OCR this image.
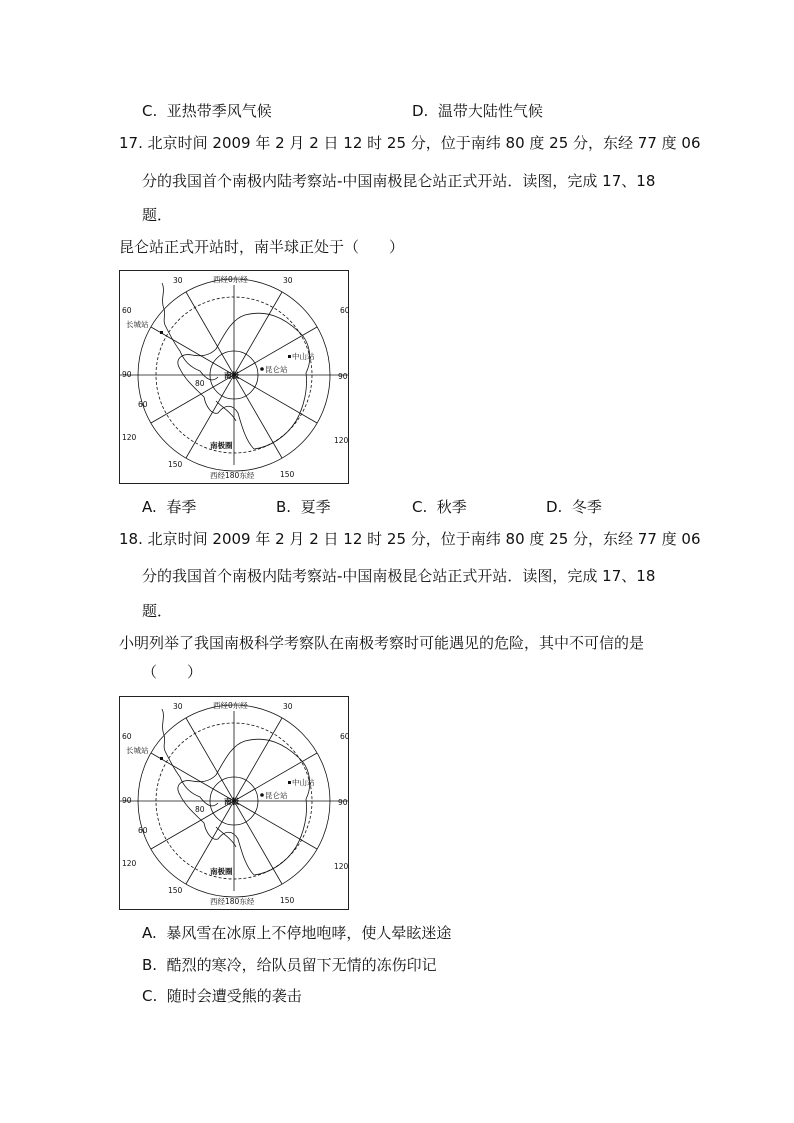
C. 亚热带季风气候	D. 温带大陆性气候
17. 北京时间 2009 年 2 月 2 日 12 时 25 分，位于南纬 80 度 25 分，东经 77 度 06
分的我国首个南极内陆考察站-中国南极昆仑站正式开站．读图，完成 17、18
题．
昆仑站正式开站时，南半球正处于（　　）
西经0东经
西经180东经
30	30
60
60
90	90
120	120
150
150
60
80
南极
南极圈
昆仑站
中山站
长城站
A. 春季	B. 夏季	C. 秋季	D. 冬季
18. 北京时间 2009 年 2 月 2 日 12 时 25 分，位于南纬 80 度 25 分，东经 77 度 06
分的我国首个南极内陆考察站-中国南极昆仑站正式开站．读图，完成 17、18
题．
小明列举了我国南极科学考察队在南极考察时可能遇见的危险，其中不可信的是
（　　）
西经0东经
西经180东经
30	30
60
60
90	90
120	120
150
150
60
80
南极
南极圈
昆仑站
中山站
长城站
A. 暴风雪在冰原上不停地咆哮，使人晕眩迷途
B. 酷烈的寒冷，给队员留下无情的冻伤印记
C. 随时会遭受熊的袭击
